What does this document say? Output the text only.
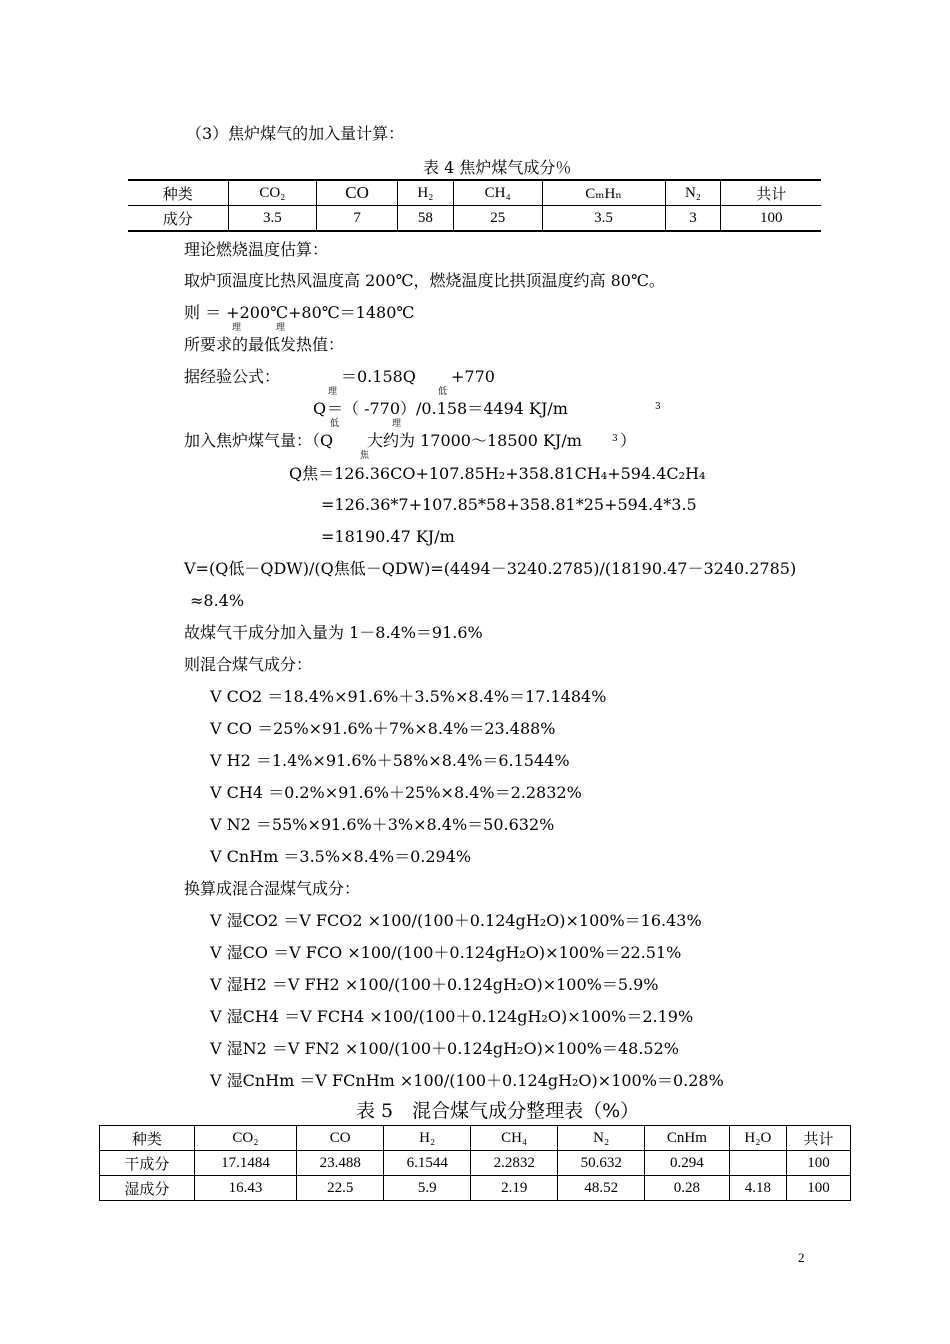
（3）焦炉煤气的加入量计算：
表 4 焦炉煤气成分％
种类	CO₂	CO	H₂	CH₄	CₘHₙ	N₂	共计
成分	3.5	7	58	25	3.5	3	100
理论燃烧温度估算：
取炉顶温度比热风温度高 200℃，燃烧温度比拱顶温度约高 80℃。
则 ＝ +200℃+80℃＝1480℃
理	理
所要求的最低发热值：
据经验公式：	＝0.158Q
理	低
+770
Q
低	理
＝（ -770）/0.158＝4494 KJ/m	3
加入焦炉煤气量：（Q
焦
大约为 17000～18500 KJ/m	3 ）
Q焦＝126.36CO+107.85H₂+358.81CH₄+594.4C₂H₄
=126.36*7+107.85*58+358.81*25+594.4*3.5
=18190.47 KJ/m
V=(Q低－QDW)/(Q焦低－QDW)=(4494－3240.2785)/(18190.47－3240.2785)
≈8.4%
故煤气干成分加入量为 1－8.4%＝91.6%
则混合煤气成分：
V CO2 ＝18.4%×91.6%＋3.5%×8.4%＝17.1484%
V CO ＝25%×91.6%＋7%×8.4%＝23.488%
V H2 ＝1.4%×91.6%＋58%×8.4%＝6.1544%
V CH4 ＝0.2%×91.6%＋25%×8.4%＝2.2832%
V N2 ＝55%×91.6%＋3%×8.4%＝50.632%
V CnHm ＝3.5%×8.4%＝0.294%
换算成混合湿煤气成分：
V 湿CO2 ＝V FCO2 ×100/(100＋0.124gH₂O)×100%＝16.43%
V 湿CO ＝V FCO ×100/(100＋0.124gH₂O)×100%＝22.51%
V 湿H2 ＝V FH2 ×100/(100＋0.124gH₂O)×100%＝5.9%
V 湿CH4 ＝V FCH4 ×100/(100＋0.124gH₂O)×100%＝2.19%
V 湿N2 ＝V FN2 ×100/(100＋0.124gH₂O)×100%＝48.52%
V 湿CnHm ＝V FCnHm ×100/(100＋0.124gH₂O)×100%＝0.28%
表 5　混合煤气成分整理表（%）
种类	CO₂	CO	H₂	CH₄	N₂	CnHm	H₂O	共计
干成分	17.1484	23.488	6.1544	2.2832	50.632	0.294		100
湿成分	16.43	22.5	5.9	2.19	48.52	0.28	4.18	100
2
